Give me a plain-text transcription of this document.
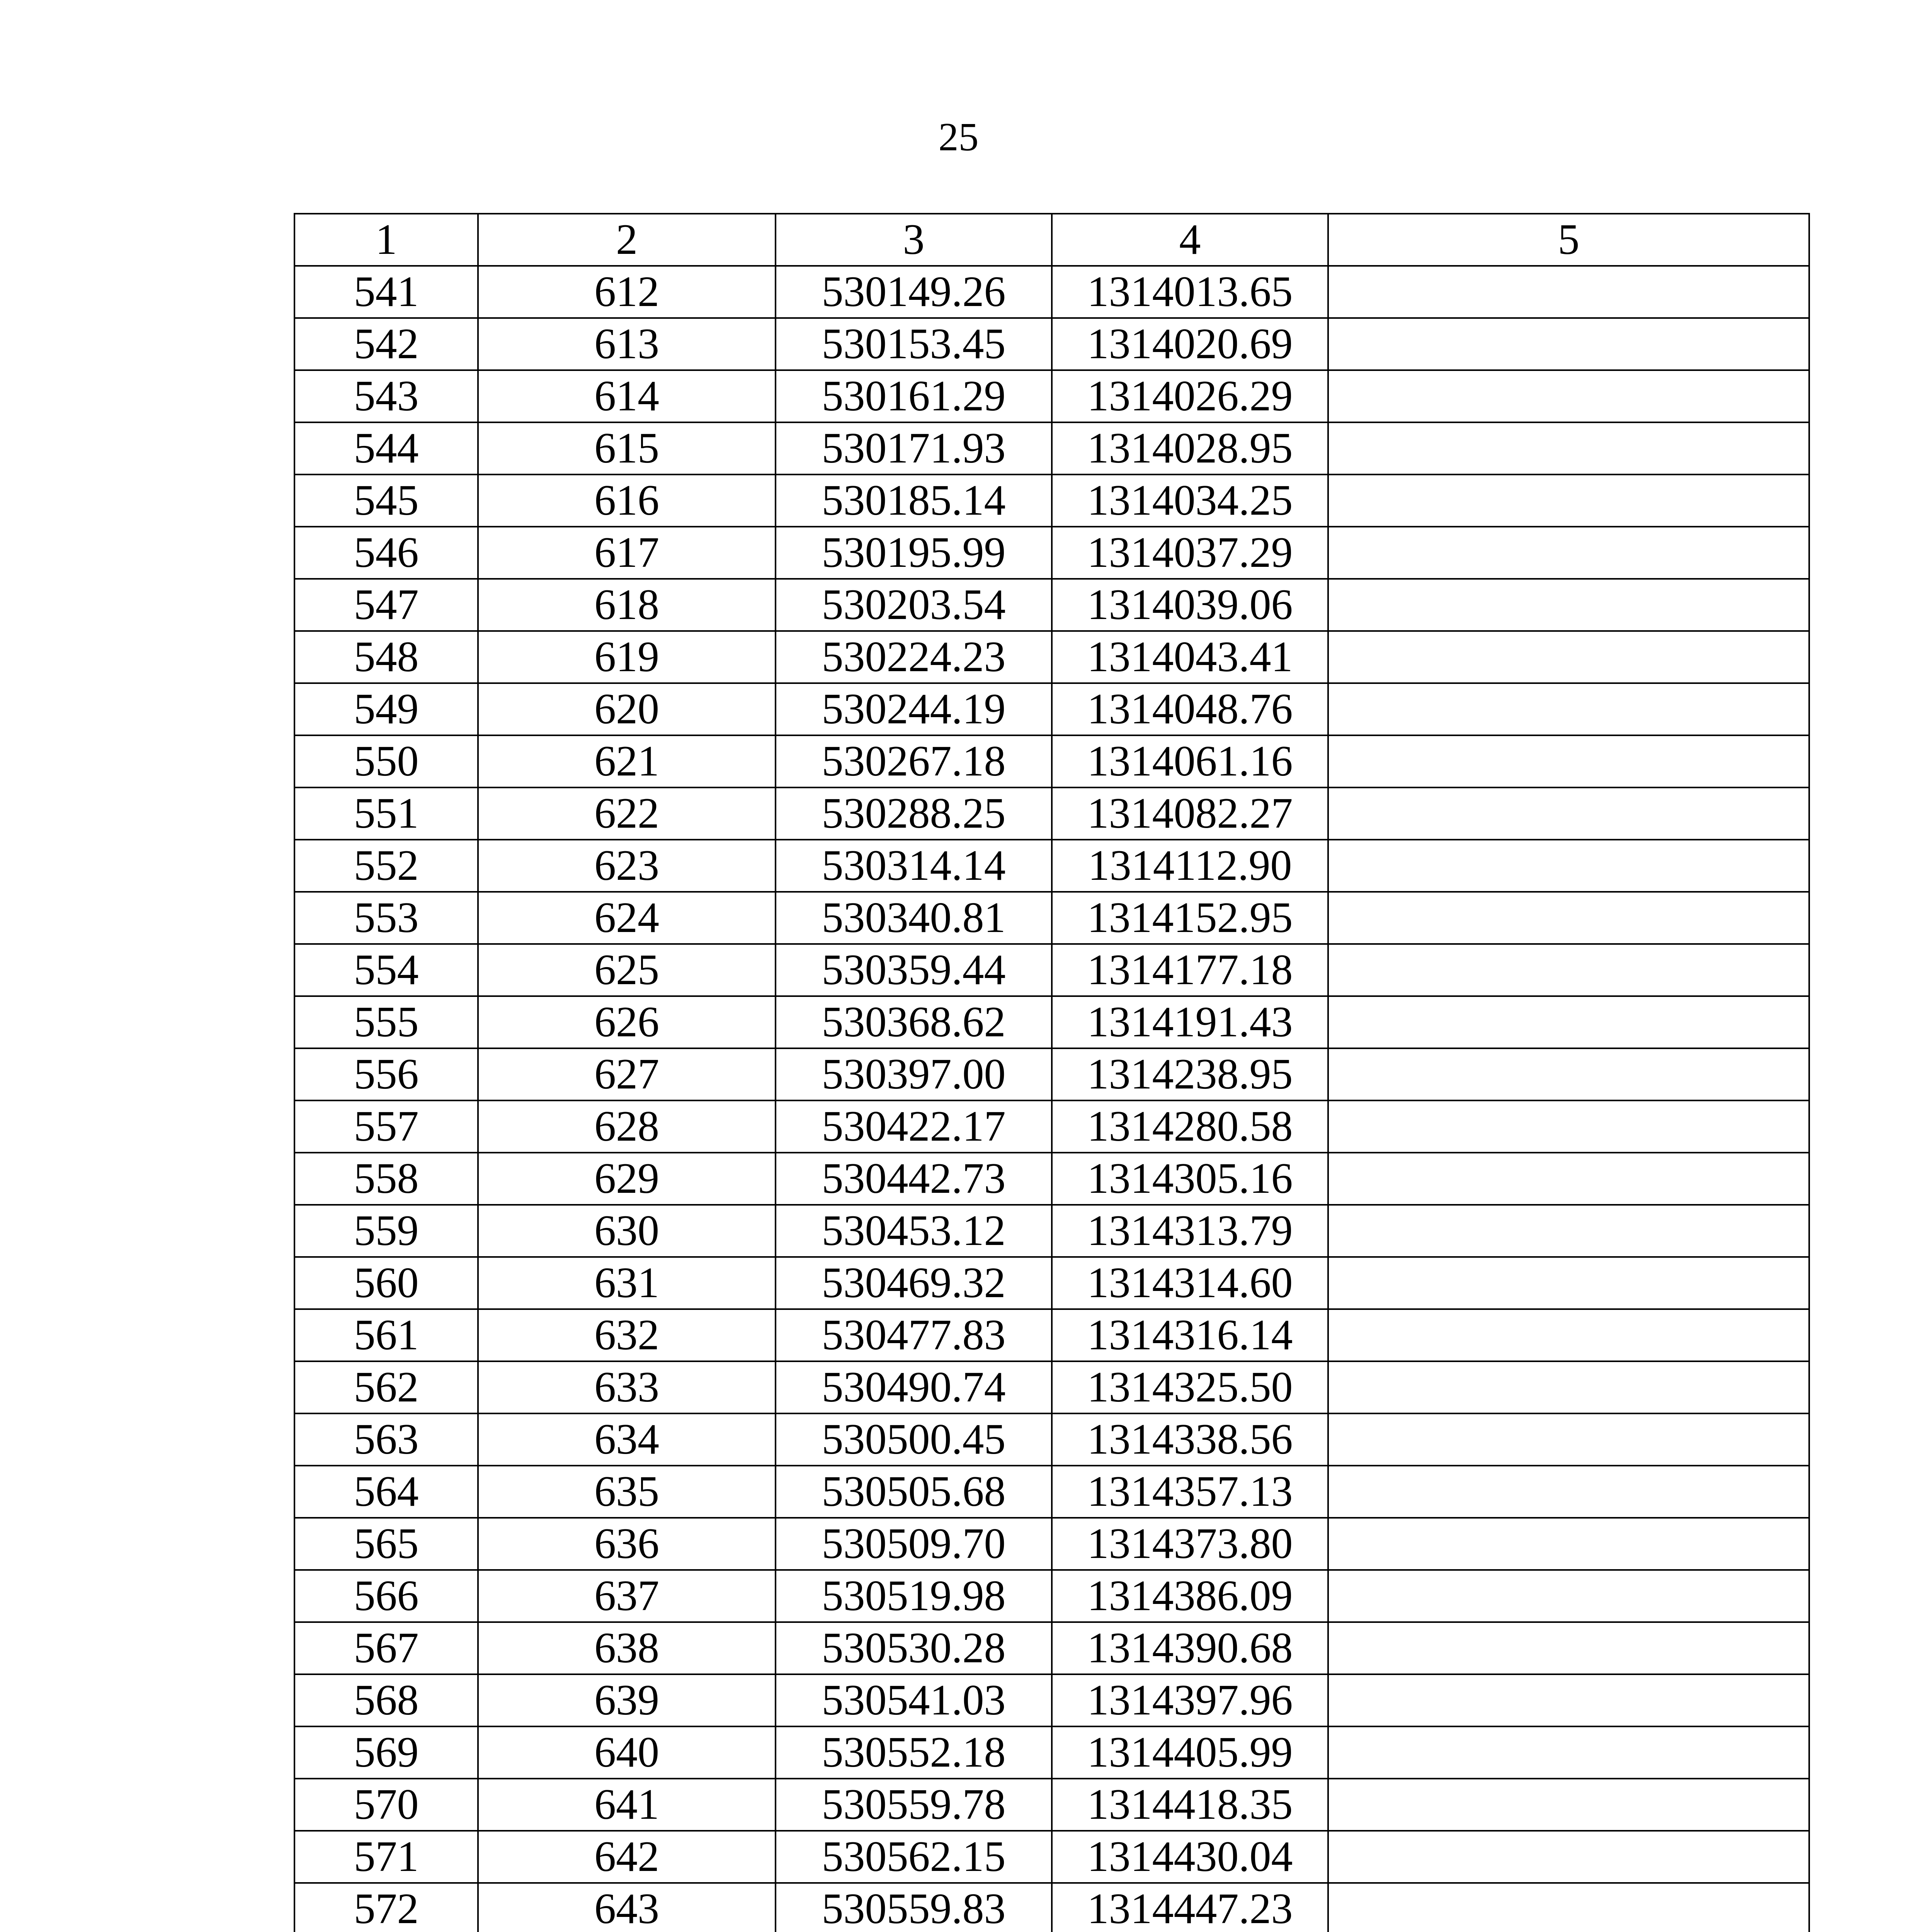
25
1	2	3	4	5
541	612	530149.26	1314013.65	
542	613	530153.45	1314020.69	
543	614	530161.29	1314026.29	
544	615	530171.93	1314028.95	
545	616	530185.14	1314034.25	
546	617	530195.99	1314037.29	
547	618	530203.54	1314039.06	
548	619	530224.23	1314043.41	
549	620	530244.19	1314048.76	
550	621	530267.18	1314061.16	
551	622	530288.25	1314082.27	
552	623	530314.14	1314112.90	
553	624	530340.81	1314152.95	
554	625	530359.44	1314177.18	
555	626	530368.62	1314191.43	
556	627	530397.00	1314238.95	
557	628	530422.17	1314280.58	
558	629	530442.73	1314305.16	
559	630	530453.12	1314313.79	
560	631	530469.32	1314314.60	
561	632	530477.83	1314316.14	
562	633	530490.74	1314325.50	
563	634	530500.45	1314338.56	
564	635	530505.68	1314357.13	
565	636	530509.70	1314373.80	
566	637	530519.98	1314386.09	
567	638	530530.28	1314390.68	
568	639	530541.03	1314397.96	
569	640	530552.18	1314405.99	
570	641	530559.78	1314418.35	
571	642	530562.15	1314430.04	
572	643	530559.83	1314447.23	
